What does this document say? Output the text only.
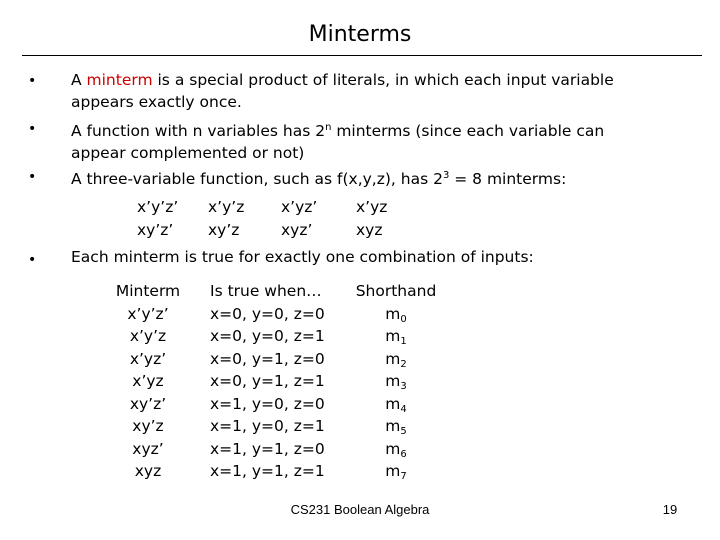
Minterms
• A minterm is a special product of literals, in which each input variable
appears exactly once.
• A function with n variables has 2$^n$ minterms (since each variable can
appear complemented or not)
• A three-variable function, such as f(x,y,z), has $2^3 = 8$ minterms:
x’y’z’
xy’z’
x’y’z
xy’z
x’yz’
xyz’
x’yz
xyz
• Each minterm is true for exactly one combination of inputs:
Minterm
x’y’z’
x’y’z
x’yz’
x’yz
xy’z’
xy’z
xyz’
xyz
Is true when…
x=0, y=0, z=0
x=0, y=0, z=1
x=0, y=1, z=0
x=0, y=1, z=1
x=1, y=0, z=0
x=1, y=0, z=1
x=1, y=1, z=0
x=1, y=1, z=1
Shorthand
$m_0$
$m_1$
$m_2$
$m_3$
$m_4$
$m_5$
$m_6$
$m_7$
CS231 Boolean Algebra	19
